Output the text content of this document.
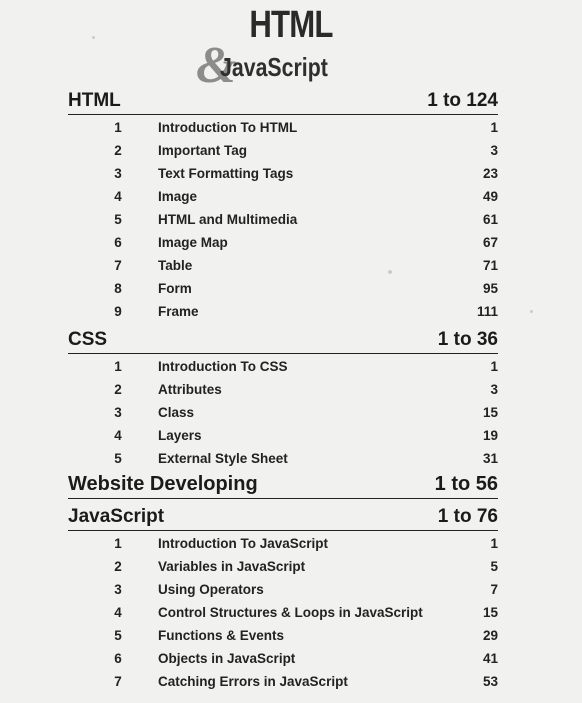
HTML
&
JavaScript
HTML	1 to 124
1	Introduction To HTML	1
2	Important Tag	3
3	Text Formatting Tags	23
4	Image	49
5	HTML and Multimedia	61
6	Image Map	67
7	Table	71
8	Form	95
9	Frame	111
CSS	1 to 36
1	Introduction To CSS	1
2	Attributes	3
3	Class	15
4	Layers	19
5	External Style Sheet	31
Website Developing	1 to 56
JavaScript	1 to 76
1	Introduction To JavaScript	1
2	Variables in JavaScript	5
3	Using Operators	7
4	Control Structures & Loops in JavaScript	15
5	Functions & Events	29
6	Objects in JavaScript	41
7	Catching Errors in JavaScript	53
